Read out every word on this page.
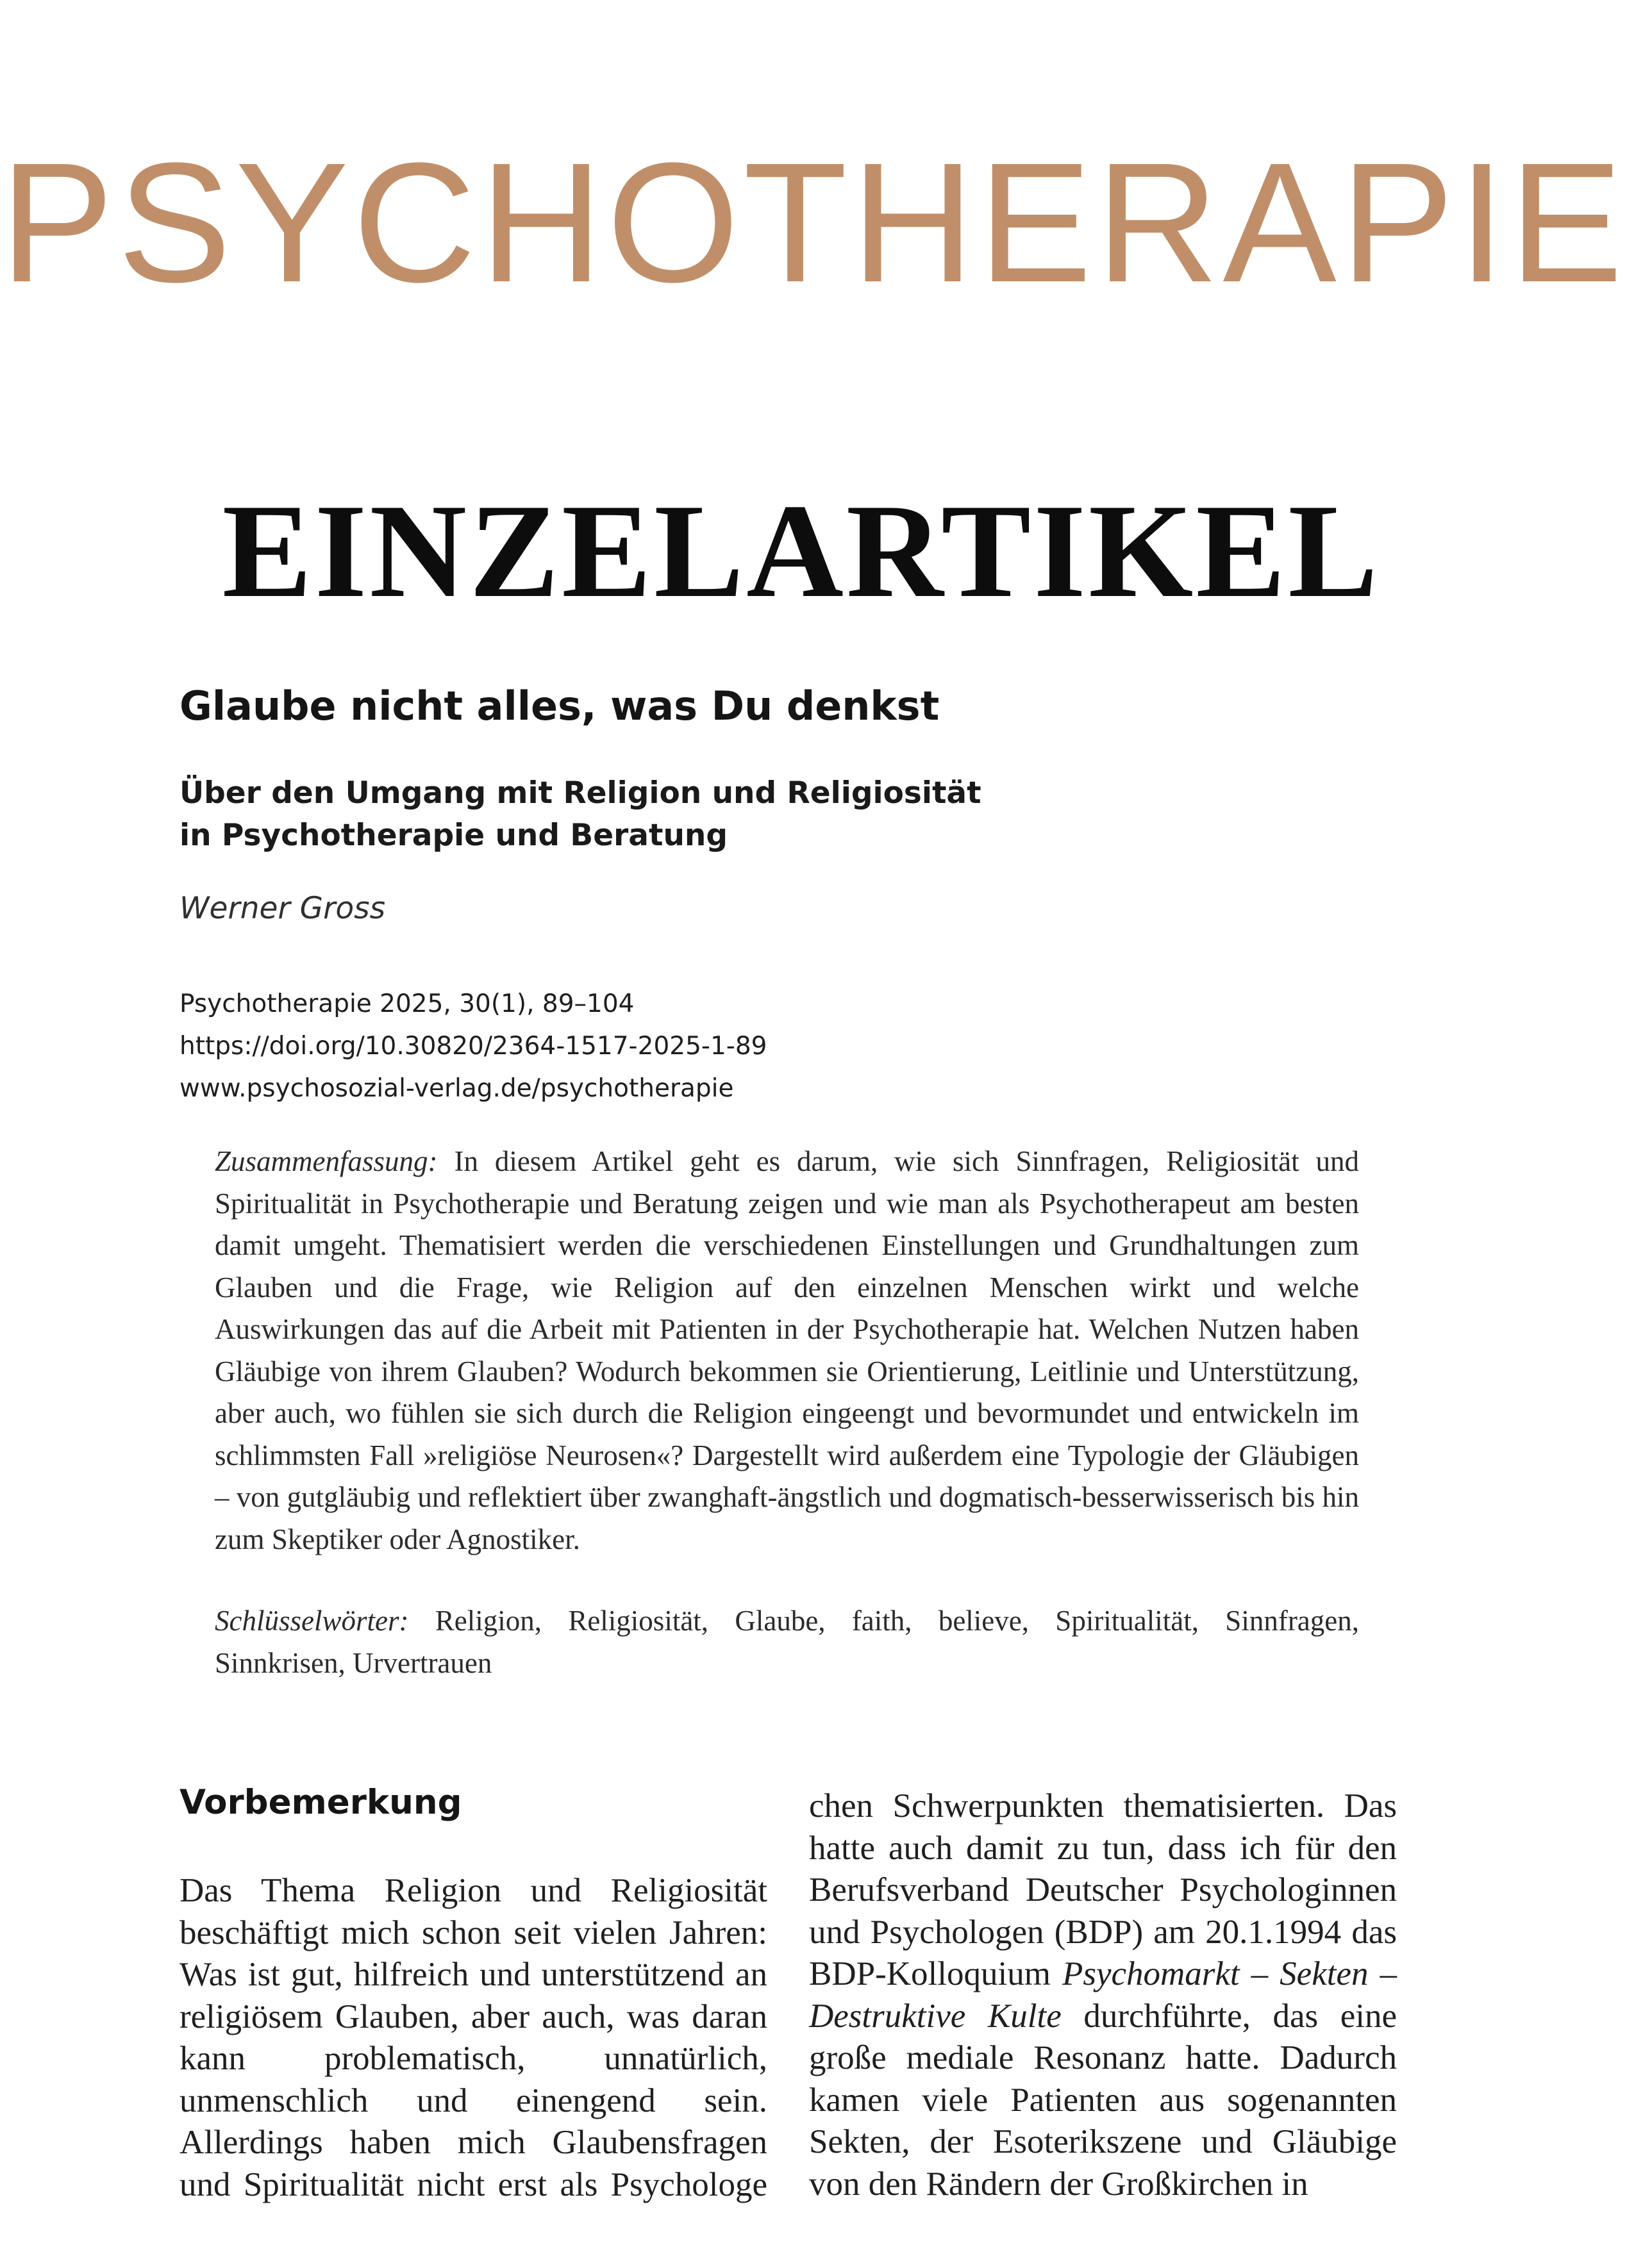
PSYCHOTHERAPIE
EINZELARTIKEL
Glaube nicht alles, was Du denkst
Über den Umgang mit Religion und Religiosität
in Psychotherapie und Beratung
Werner Gross
Psychotherapie 2025, 30(1), 89–104
https://doi.org/10.30820/2364-1517-2025-1-89
www.psychosozial-verlag.de/psychotherapie
Zusammenfassung: In diesem Artikel geht es darum, wie sich Sinnfragen, Religiosität und Spiritualität in Psychotherapie und Beratung zeigen und wie man als Psychotherapeut am besten damit umgeht. Thematisiert werden die verschiedenen Einstellungen und Grundhaltungen zum Glauben und die Frage, wie Religion auf den einzelnen Menschen wirkt und welche Auswirkungen das auf die Arbeit mit Patienten in der Psychotherapie hat. Welchen Nutzen haben Gläubige von ihrem Glauben? Wodurch bekommen sie Orientierung, Leitlinie und Unterstützung, aber auch, wo fühlen sie sich durch die Religion eingeengt und bevormundet und entwickeln im schlimmsten Fall »religiöse Neurosen«? Dargestellt wird außerdem eine Typologie der Gläubigen – von gutgläubig und reflektiert über zwanghaft-ängstlich und dogmatisch-besserwisserisch bis hin zum Skeptiker oder Agnostiker.
Schlüsselwörter: Religion, Religiosität, Glaube, faith, believe, Spiritualität, Sinnfragen, Sinnkrisen, Urvertrauen
Vorbemerkung
Das Thema Religion und Religiosität beschäftigt mich schon seit vielen Jahren: Was ist gut, hilfreich und unterstützend an religiösem Glauben, aber auch, was daran kann problematisch, unnatürlich, unmenschlich und einengend sein. Allerdings haben mich Glaubensfragen und Spiritualität nicht erst als Psychologe
chen Schwerpunkten thematisierten. Das hatte auch damit zu tun, dass ich für den Berufsverband Deutscher Psychologinnen und Psychologen (BDP) am 20.1.1994 das BDP-Kolloquium Psychomarkt – Sekten – Destruktive Kulte durchführte, das eine große mediale Resonanz hatte. Dadurch kamen viele Patienten aus sogenannten Sekten, der Esoterikszene und Gläubige von den Rändern der Großkirchen in
